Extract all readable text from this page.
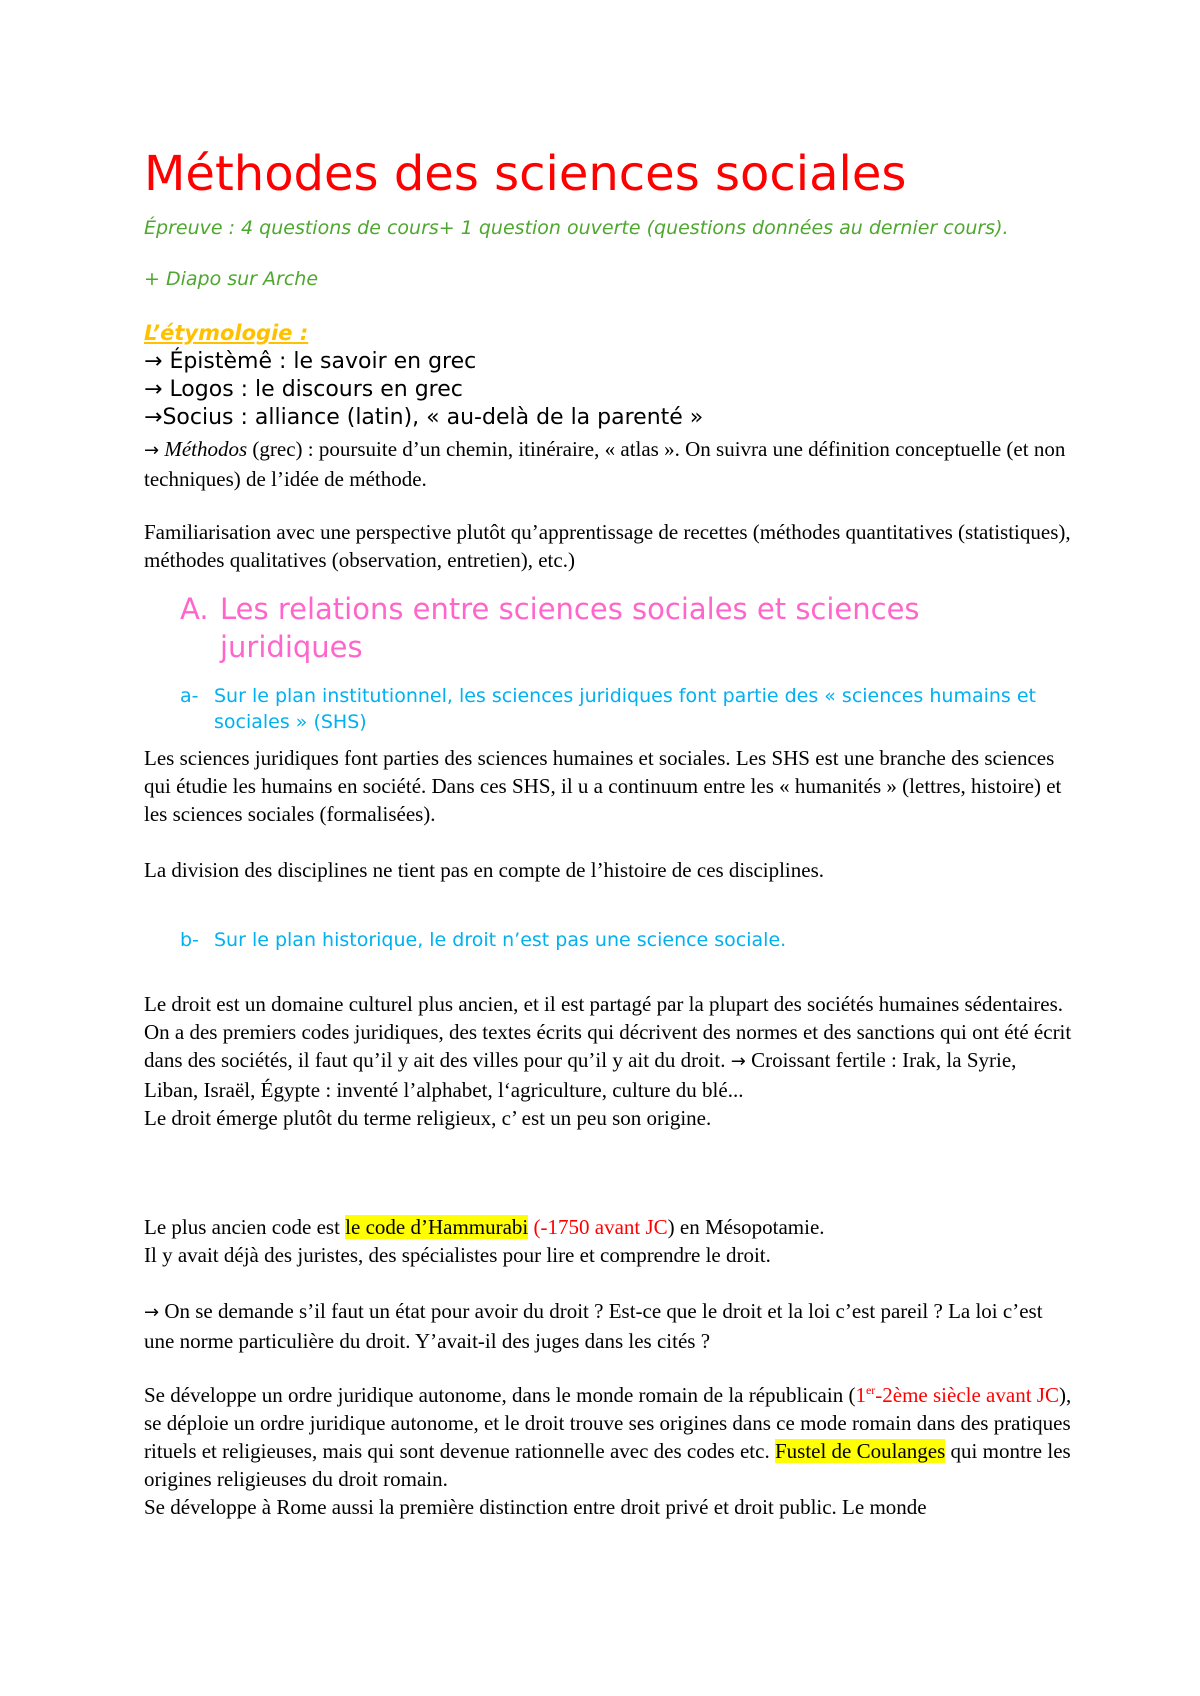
Méthodes des sciences sociales
Épreuve : 4 questions de cours+ 1 question ouverte (questions données au dernier cours).
+ Diapo sur Arche
L’étymologie :
→ Épistèmê : le savoir en grec
→ Logos : le discours en grec
→Socius : alliance (latin), « au-delà de la parenté »
→ Méthodos (grec) : poursuite d’un chemin, itinéraire, « atlas ». On suivra une définition conceptuelle (et non techniques) de l’idée de méthode.
Familiarisation avec une perspective plutôt qu’apprentissage de recettes (méthodes quantitatives (statistiques), méthodes qualitatives (observation, entretien), etc.)
A. Les relations entre sciences sociales et sciences juridiques
a- Sur le plan institutionnel, les sciences juridiques font partie des « sciences humains et sociales » (SHS)
Les sciences juridiques font parties des sciences humaines et sociales. Les SHS est une branche des sciences qui étudie les humains en société. Dans ces SHS, il u a continuum entre les « humanités » (lettres, histoire) et les sciences sociales (formalisées).
La division des disciplines ne tient pas en compte de l’histoire de ces disciplines.
b- Sur le plan historique, le droit n’est pas une science sociale.
Le droit est un domaine culturel plus ancien, et il est partagé par la plupart des sociétés humaines sédentaires.
On a des premiers codes juridiques, des textes écrits qui décrivent des normes et des sanctions qui ont été écrit dans des sociétés, il faut qu’il y ait des villes pour qu’il y ait du droit. → Croissant fertile : Irak, la Syrie, Liban, Israël, Égypte : inventé l’alphabet, l‘agriculture, culture du blé...
Le droit émerge plutôt du terme religieux, c’ est un peu son origine.
Le plus ancien code est le code d’Hammurabi (-1750 avant JC) en Mésopotamie.
Il y avait déjà des juristes, des spécialistes pour lire et comprendre le droit.
→ On se demande s’il faut un état pour avoir du droit ? Est-ce que le droit et la loi c’est pareil ? La loi c’est une norme particulière du droit. Y’avait-il des juges dans les cités ?
Se développe un ordre juridique autonome, dans le monde romain de la républicain (1er-2ème siècle avant JC), se déploie un ordre juridique autonome, et le droit trouve ses origines dans ce mode romain dans des pratiques rituels et religieuses, mais qui sont devenue rationnelle avec des codes etc. Fustel de Coulanges qui montre les origines religieuses du droit romain.
Se développe à Rome aussi la première distinction entre droit privé et droit public. Le monde
